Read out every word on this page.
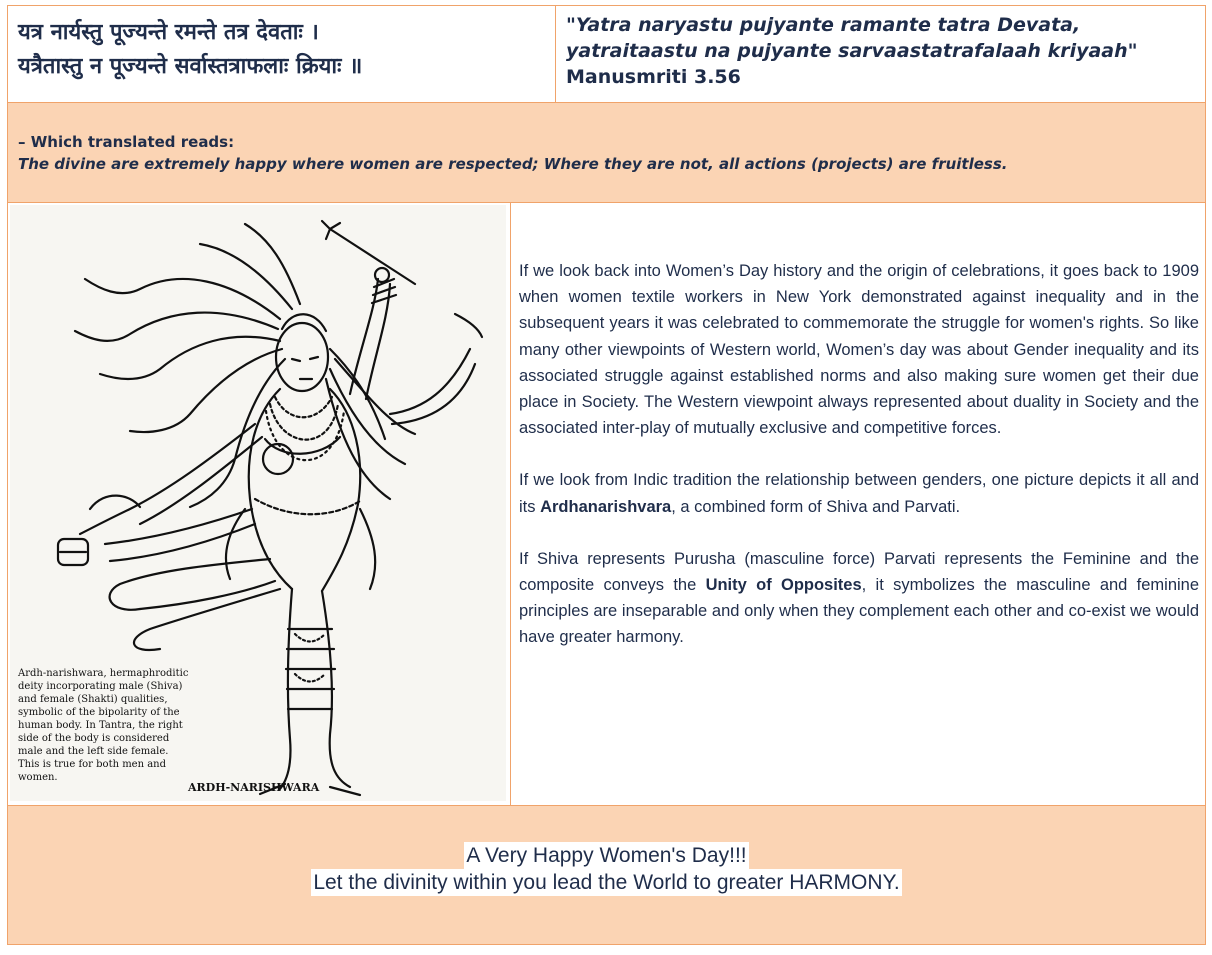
यत्र नार्यस्तु पूज्यन्ते रमन्ते तत्र देवताः ।
यत्रैतास्तु न पूज्यन्ते सर्वास्तत्राफलाः क्रियाः ॥
"Yatra naryastu pujyante ramante tatra Devata,
yatraitaastu na pujyante sarvaastatrafalaah kriyaah"
Manusmriti 3.56
– Which translated reads:
The divine are extremely happy where women are respected; Where they are not, all actions (projects) are fruitless.
Ardh-narishwara, hermaphroditic
deity incorporating male (Shiva)
and female (Shakti) qualities,
symbolic of the bipolarity of the
human body. In Tantra, the right
side of the body is considered
male and the left side female.
This is true for both men and
women.
ARDH-NARISHWARA

If we look back into Women’s Day history and the origin of celebrations, it goes back to 1909 when women textile workers in New York demonstrated against inequality and in the subsequent years it was celebrated to commemorate the struggle for women's rights. So like many other viewpoints of Western world, Women’s day was about Gender inequality and its associated struggle against established norms and also making sure women get their due place in Society. The Western viewpoint always represented about duality in Society and the associated inter-play of mutually exclusive and competitive forces.

If we look from Indic tradition the relationship between genders, one picture depicts it all and its Ardhanarishvara, a combined form of Shiva and Parvati.

If Shiva represents Purusha (masculine force) Parvati represents the Feminine and the composite conveys the Unity of Opposites, it symbolizes the masculine and feminine principles are inseparable and only when they complement each other and co-exist we would have greater harmony.

A Very Happy Women's Day!!!
Let the divinity within you lead the World to greater HARMONY.
